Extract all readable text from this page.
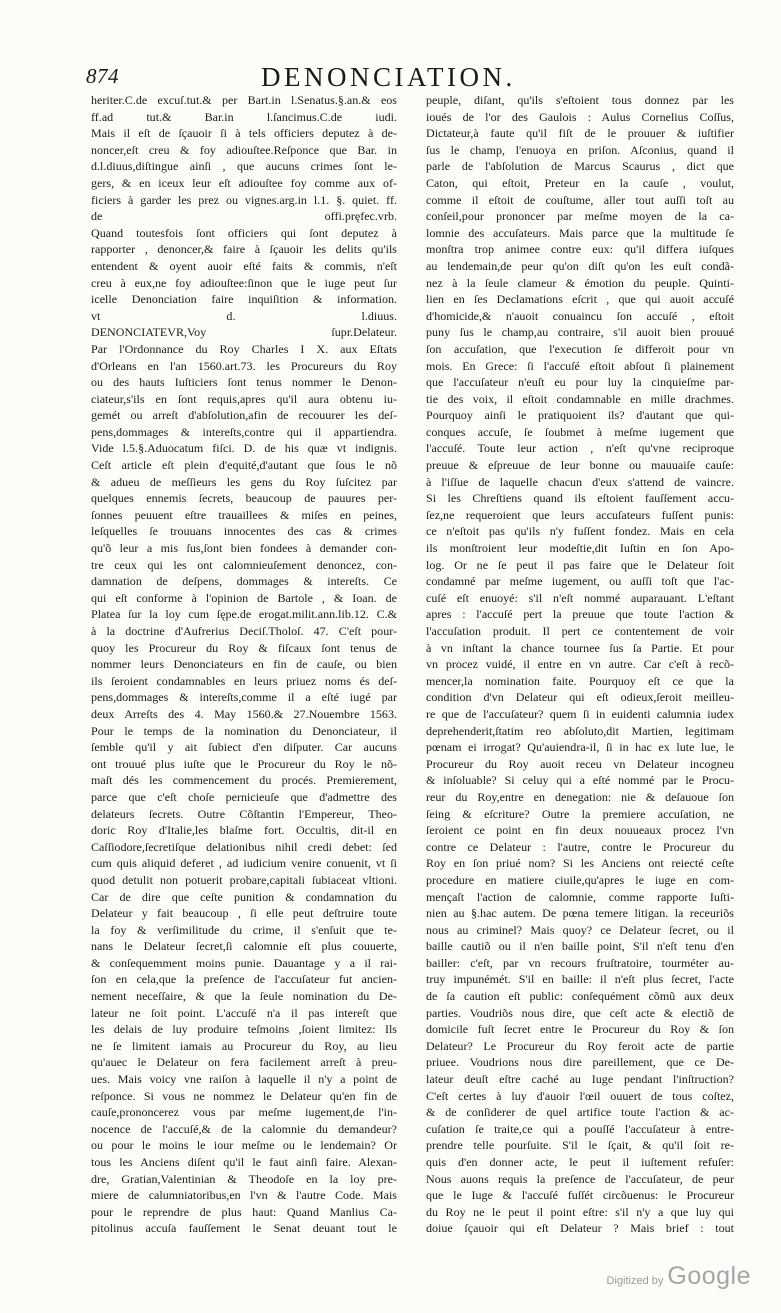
874	DENONCIATION.
heriter.C.de excuſ.tut.& per Bart.in l.Senatus.§.an.& eos
ff.ad tut.& Bar.in l.ſancimus.C.de iudi.
Mais il eſt de ſçauoir ſi à tels officiers deputez à de-
noncer,eſt creu & foy adiouſtee.Reſponce que Bar. in
d.l.diuus,diſtingue ainſi , que aucuns crimes ſont le-
gers, & en iceux leur eſt adiouſtee foy comme aux of-
ficiers à garder les prez ou vignes.arg.in l.1. §. quiet. ff.
de offi.pręfec.vrb.
Quand toutesfois ſont officiers qui ſont deputez à
rapporter , denoncer,& faire à ſçauoir les delits qu'ils
entendent & oyent auoir eſté faits & commis, n'eſt
creu à eux,ne foy adiouſtee:ſinon que le iuge peut ſur
icelle Denonciation faire inquiſition & information.
vt d. l.diuus.
DENONCIATEVR,Voy ſupr.Delateur.
Par l'Ordonnance du Roy Charles I X. aux Eſtats
d'Orleans en l'an 1560.art.73. les Procureurs du Roy
ou des hauts Iuſticiers ſont tenus nommer le Denon-
ciateur,s'ils en ſont requis,apres qu'il aura obtenu iu-
gemét ou arreſt d'abſolution,afin de recouurer les deſ-
pens,dommages & intereſts,contre qui il appartiendra.
Vide l.5.§.Aduocatum fiſci. D. de his quæ vt indignis.
Ceſt article eſt plein d'equité,d'autant que ſous le nõ
& adueu de meſſieurs les gens du Roy ſuſcitez par
quelques ennemis ſecrets, beaucoup de pauures per-
ſonnes peuuent eſtre trauaillees & miſes en peines,
leſquelles ſe trouuans innocentes des cas & crimes
qu'õ leur a mis ſus,ſont bien fondees à demander con-
tre ceux qui les ont calomnieuſement denoncez, con-
damnation de deſpens, dommages & intereſts. Ce
qui eſt conforme à l'opinion de Bartole , & Ioan. de
Platea ſur la loy cum ſępe.de erogat.milit.ann.lib.12. C.&
à la doctrine d'Aufrerius Deciſ.Tholoſ. 47. C'eſt pour-
quoy les Procureur du Roy & fiſcaux ſont tenus de
nommer leurs Denonciateurs en fin de cauſe, ou bien
ils ſeroient condamnables en leurs priuez noms és deſ-
pens,dommages & intereſts,comme il a eſté iugé par
deux Arreſts des 4. May 1560.& 27.Nouembre 1563.
Pour le temps de la nomination du Denonciateur, il
ſemble qu'il y ait ſubiect d'en diſputer. Car aucuns
ont trouué plus iuſte que le Procureur du Roy le nõ-
maſt dés les commencement du procés. Premierement,
parce que c'eſt choſe pernicieuſe que d'admettre des
delateurs ſecrets. Outre Cõſtantin l'Empereur, Theo-
doric Roy d'Italie,les blaſme fort. Occultis, dit-il en
Caſſiodore,ſecretiſque delationibus nihil credi debet: ſed
cum quis aliquid deferet , ad iudicium venire conuenit, vt ſi
quod detulit non potuerit probare,capitali ſubiaceat vltioni.
Car de dire que ceſte punition & condamnation du
Delateur y fait beaucoup , ſi elle peut deſtruire toute
la foy & verſimilitude du crime, il s'enſuit que te-
nans le Delateur ſecret,ſi calomnie eſt plus couuerte,
& conſequemment moins punie. Dauantage y a il rai-
ſon en cela,que la preſence de l'accuſateur fut ancien-
nement neceſſaire, & que la ſeule nomination du De-
lateur ne ſoit point. L'accuſé n'a il pas intereſt que
les delais de luy produire teſmoins ,ſoient limitez: Ils
ne ſe limitent iamais au Procureur du Roy, au lieu
qu'auec le Delateur on fera facilement arreſt à preu-
ues. Mais voicy vne raiſon à laquelle il n'y a point de
reſponce. Si vous ne nommez le Delateur qu'en fin de
cauſe,prononcerez vous par meſme iugement,de l'in-
nocence de l'accuſé,& de la calomnie du demandeur?
ou pour le moins le iour meſme ou le lendemain? Or
tous les Anciens diſent qu'il le faut ainſi faire. Alexan-
dre, Gratian,Valentinian & Theodoſe en la loy pre-
miere de calumniatoribus,en l'vn & l'autre Code. Mais
pour le reprendre de plus haut: Quand Manlius Ca-
pitolinus accuſa fauſſement le Senat deuant tout le
peuple, diſant, qu'ils s'eſtoient tous donnez par les
ioués de l'or des Gaulois : Aulus Cornelius Coſſus,
Dictateur,à faute qu'il fiſt de le prouuer & iuſtifier
ſus le champ, l'enuoya en priſon. Aſconius, quand il
parle de l'abſolution de Marcus Scaurus , dict que
Caton, qui eſtoit, Preteur en la cauſe , voulut,
comme il eſtoit de couſtume, aller tout auſſi toſt au
conſeil,pour prononcer par meſme moyen de la ca-
lomnie des accuſateurs. Mais parce que la multitude ſe
monſtra trop animee contre eux: qu'il differa iuſques
au lendemain,de peur qu'on diſt qu'on les euſt condã-
nez à la ſeule clameur & émotion du peuple. Quinti-
lien en ſes Declamations eſcrit , que qui auoit accuſé
d'homicide,& n'auoit conuaincu ſon accuſé , eſtoit
puny ſus le champ,au contraire, s'il auoit bien prouué
ſon accuſation, que l'execution ſe differoit pour vn
mois. En Grece: ſi l'accuſé eſtoit abſout ſi plainement
que l'accuſateur n'euſt eu pour luy la cinquieſme par-
tie des voix, il eſtoit condamnable en mille drachmes.
Pourquoy ainſi le pratiquoient ils? d'autant que qui-
conques accuſe, ſe ſoubmet à meſme iugement que
l'accuſé. Toute leur action , n'eſt qu'vne reciproque
preuue & eſpreuue de leur bonne ou mauuaiſe cauſe:
à l'iſſue de laquelle chacun d'eux s'attend de vaincre.
Si les Chreſtiens quand ils eſtoient fauſſement accu-
ſez,ne requeroient que leurs accuſateurs fuſſent punis:
ce n'eſtoit pas qu'ils n'y fuſſent fondez. Mais en cela
ils monſtroient leur modeſtie,dit Iuſtin en ſon Apo-
log. Or ne ſe peut il pas faire que le Delateur ſoit
condamné par meſme iugement, ou auſſi toſt que l'ac-
cuſé eſt enuoyé: s'il n'eſt nommé auparauant. L'eſtant
apres : l'accuſé pert la preuue que toute l'action &
l'accuſation produit. Il pert ce contentement de voir
à vn inſtant la chance tournee ſus ſa Partie. Et pour
vn procez vuidé, il entre en vn autre. Car c'eſt à recõ-
mencer,la nomination faite. Pourquoy eſt ce que la
condition d'vn Delateur qui eſt odieux,ſeroit meilleu-
re que de l'accuſateur? quem ſi in euidenti calumnia iudex
deprehenderit,ſtatim reo abſoluto,dit Martien, legitimam
pœnam ei irrogat? Qu'auiendra-il, ſi in hac ex lute lue, le
Procureur du Roy auoit receu vn Delateur incogneu
& inſoluable? Si celuy qui a eſté nommé par le Procu-
reur du Roy,entre en denegation: nie & deſauoue ſon
ſeing & eſcriture? Outre la premiere accuſation, ne
ſeroient ce point en fin deux nouueaux procez l'vn
contre ce Delateur : l'autre, contre le Procureur du
Roy en ſon priué nom? Si les Anciens ont reiecté ceſte
procedure en matiere ciuile,qu'apres le iuge en com-
mençaſt l'action de calomnie, comme rapporte Iuſti-
nien au §.hac autem. De pœna temere litigan. la receuriõs
nous au criminel? Mais quoy? ce Delateur ſecret, ou il
baille cautiõ ou il n'en baille point, S'il n'eſt tenu d'en
bailler: c'eſt, par vn recours fruſtratoire, tourméter au-
truy impunémét. S'il en baille: il n'eſt plus ſecret, l'acte
de ſa caution eſt public: conſequément cõmũ aux deux
parties. Voudriõs nous dire, que ceſt acte & electiõ de
domicile fuſt ſecret entre le Procureur du Roy & ſon
Delateur? Le Procureur du Roy feroit acte de partie
priuee. Voudrions nous dire pareillement, que ce De-
lateur deuſt eſtre caché au Iuge pendant l'inſtruction?
C'eſt certes à luy d'auoir l'œil ouuert de tous coſtez,
& de conſiderer de quel artifice toute l'action & ac-
cuſation ſe traite,ce qui a pouſſé l'accuſateur à entre-
prendre telle pourſuite. S'il le ſçait, & qu'il ſoit re-
quis d'en donner acte, le peut il iuſtement refuſer:
Nous auons requis la preſence de l'accuſateur, de peur
que le Iuge & l'accuſé fuſſét circõuenus: le Procureur
du Roy ne le peut il point eſtre: s'il n'y a que luy qui
doiue ſçauoir qui eſt Delateur ? Mais brief : tout
Digitized by Google
